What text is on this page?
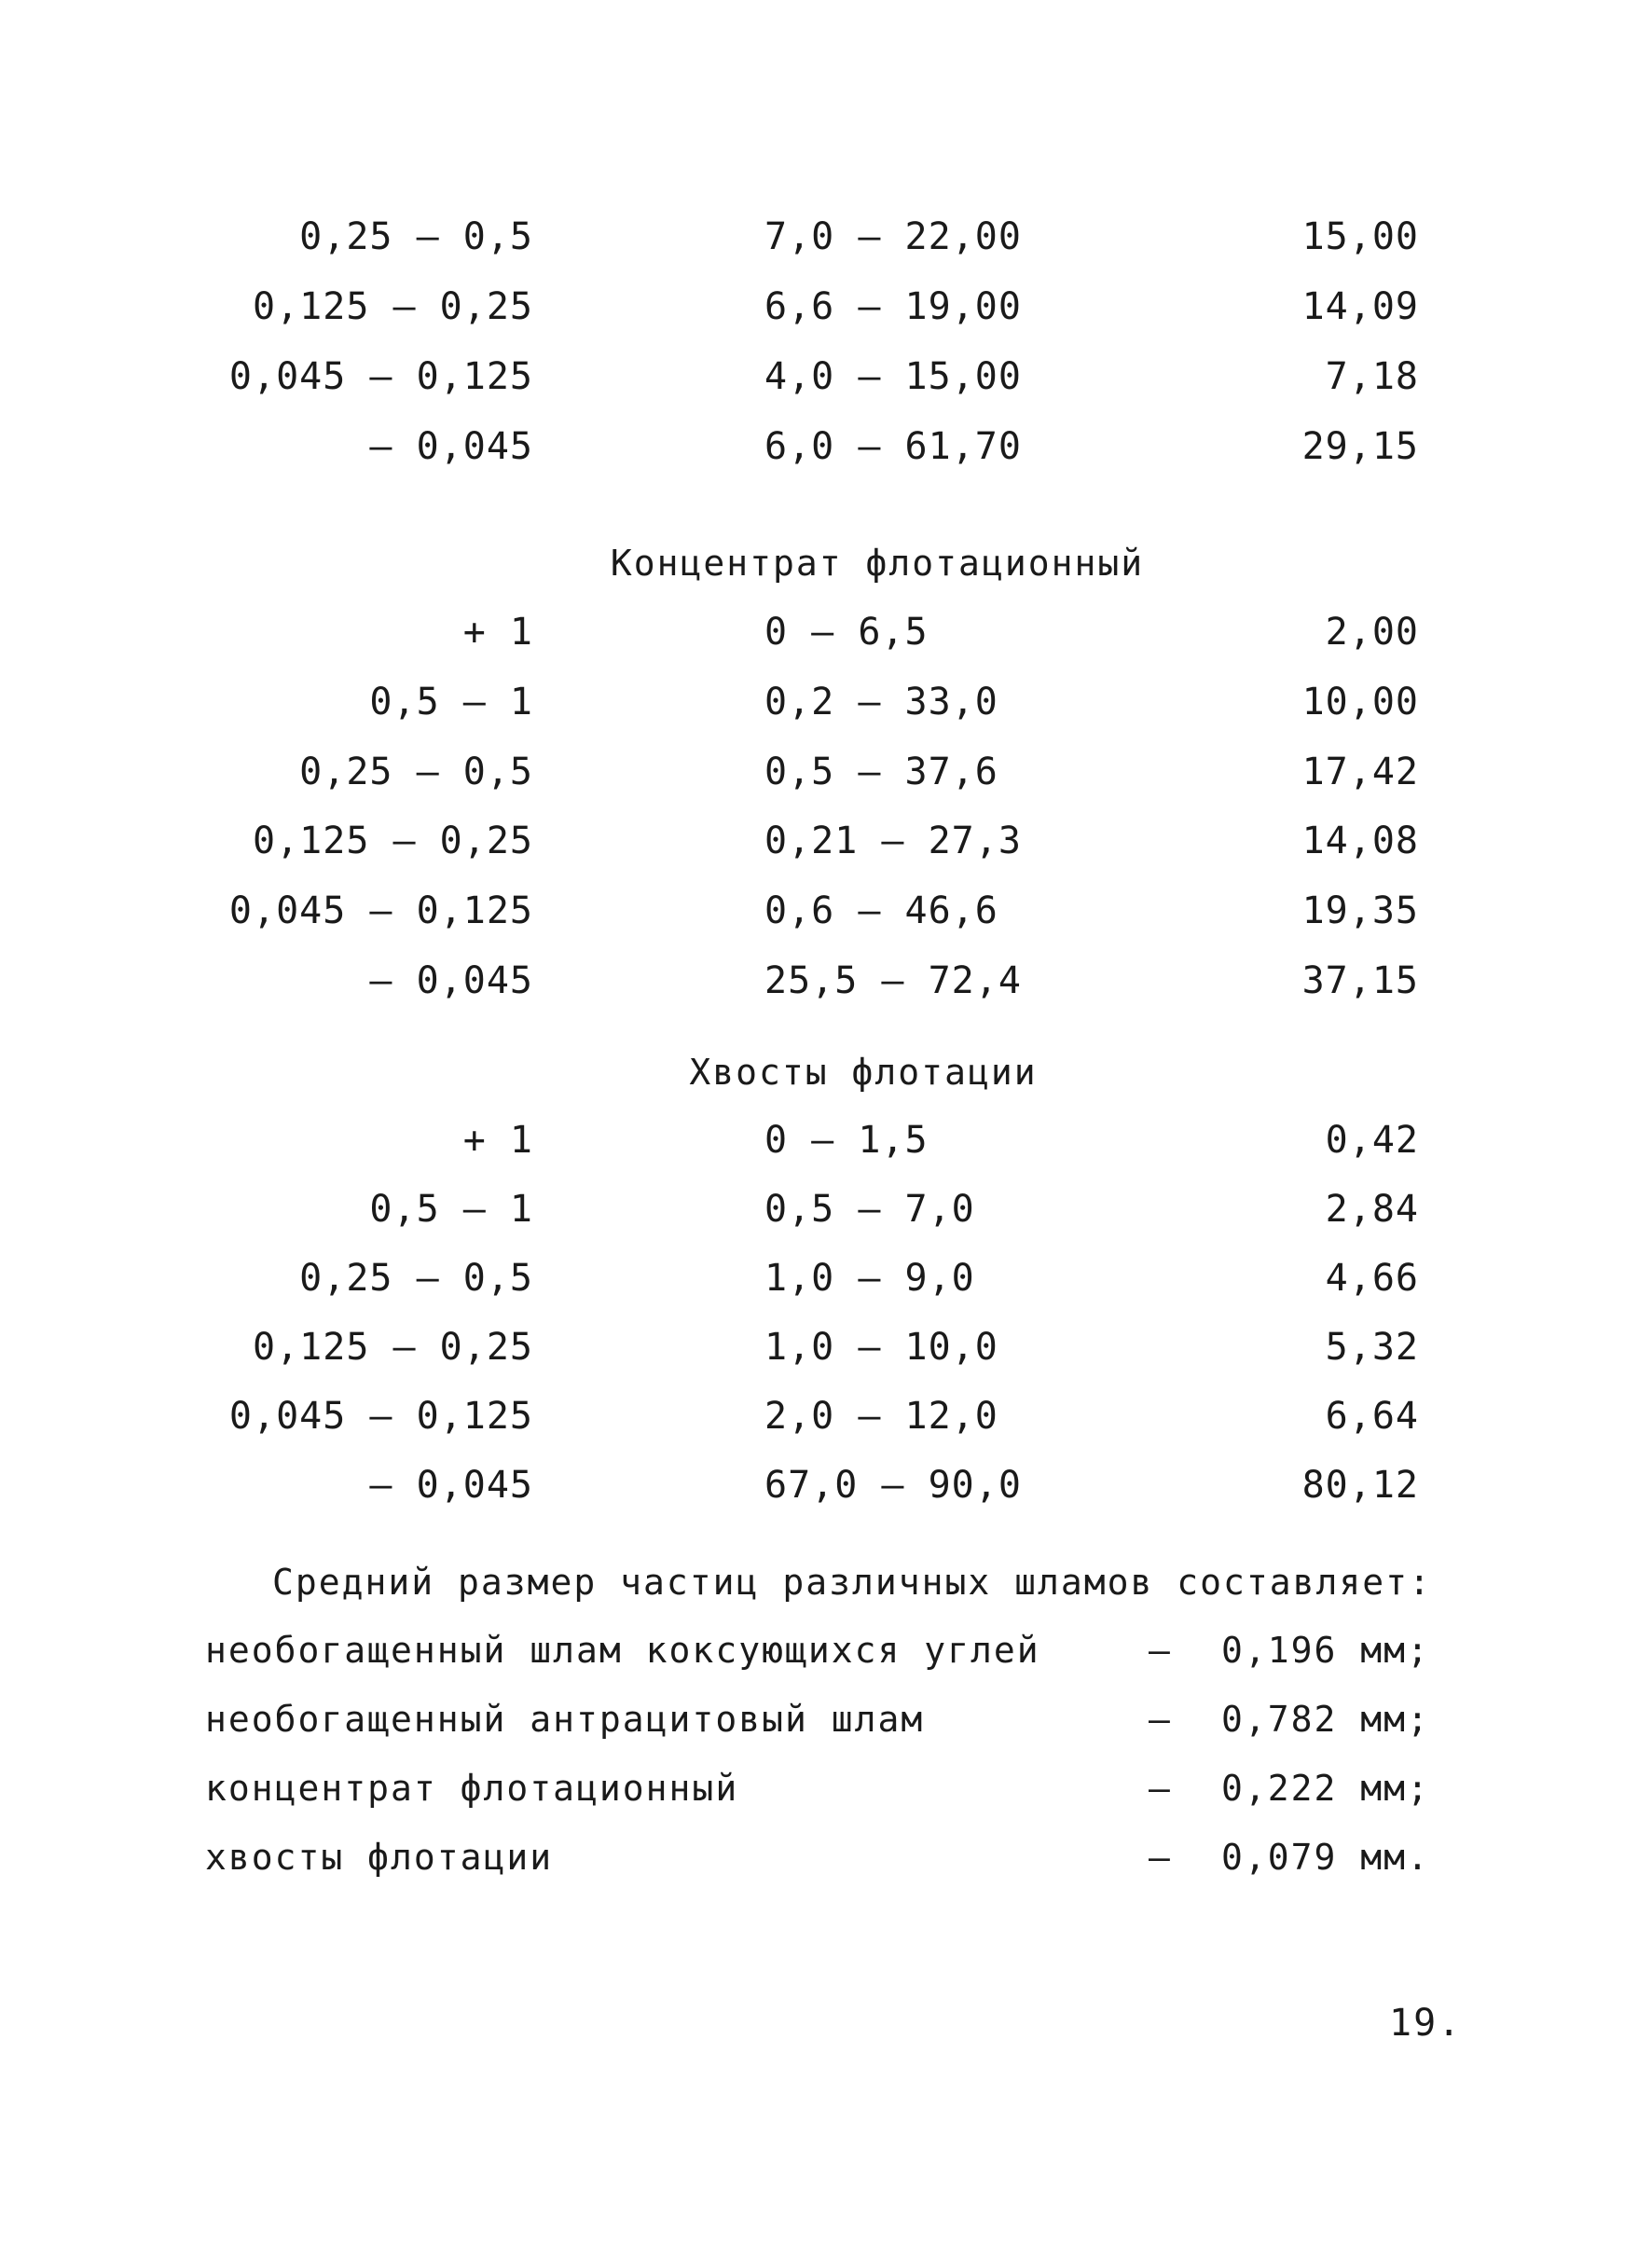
0,25 – 0,5	7,0 – 22,00	15,00
0,125 – 0,25	6,6 – 19,00	14,09
0,045 – 0,125	4,0 – 15,00	7,18
– 0,045	6,0 – 61,70	29,15
Концентрат флотационный
+ 1	0 – 6,5	2,00
0,5 – 1	0,2 – 33,0	10,00
0,25 – 0,5	0,5 – 37,6	17,42
0,125 – 0,25	0,21 – 27,3	14,08
0,045 – 0,125	0,6 – 46,6	19,35
– 0,045	25,5 – 72,4	37,15
Хвосты флотации
+ 1	0 – 1,5	0,42
0,5 – 1	0,5 – 7,0	2,84
0,25 – 0,5	1,0 – 9,0	4,66
0,125 – 0,25	1,0 – 10,0	5,32
0,045 – 0,125	2,0 – 12,0	6,64
– 0,045	67,0 – 90,0	80,12
Средний размер частиц различных шламов составляет:
необогащенный шлам коксующихся углей	– 0,196 мм;
необогащенный антрацитовый шлам	– 0,782 мм;
концентрат флотационный	– 0,222 мм;
хвосты флотации	– 0,079 мм.
19.
